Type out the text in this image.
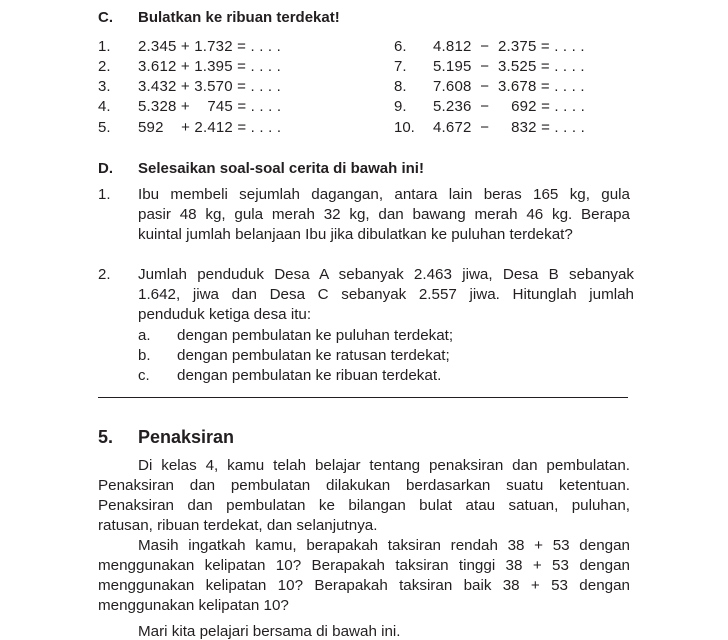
C. Bulatkan ke ribuan terdekat!
1. 2.345 + 1.732 = . . . .
2. 3.612 + 1.395 = . . . .
3. 3.432 + 3.570 = . . . .
4. 5.328 +    745 = . . . .
5. 592    + 2.412 = . . . .
6. 4.812  −  2.375 = . . . .
7. 5.195  −  3.525 = . . . .
8. 7.608  −  3.678 = . . . .
9. 5.236  −     692 = . . . .
10. 4.672  −     832 = . . . .
D. Selesaikan soal-soal cerita di bawah ini!
1. Ibu membeli sejumlah dagangan, antara lain beras 165 kg, gula
pasir 48 kg, gula merah 32 kg, dan bawang merah 46 kg. Berapa
kuintal jumlah belanjaan Ibu jika dibulatkan ke puluhan terdekat?
2. Jumlah penduduk Desa A sebanyak 2.463 jiwa, Desa B sebanyak
1.642, jiwa dan Desa C sebanyak 2.557 jiwa. Hitunglah jumlah
penduduk ketiga desa itu:
a. dengan pembulatan ke puluhan terdekat;
b. dengan pembulatan ke ratusan terdekat;
c. dengan pembulatan ke ribuan terdekat.
5. Penaksiran
Di kelas 4, kamu telah belajar tentang penaksiran dan pembulatan.
Penaksiran dan pembulatan dilakukan berdasarkan suatu ketentuan.
Penaksiran dan pembulatan ke bilangan bulat atau satuan, puluhan,
ratusan, ribuan terdekat, dan selanjutnya.
Masih ingatkah kamu, berapakah taksiran rendah 38 + 53 dengan
menggunakan kelipatan 10? Berapakah taksiran tinggi 38 + 53 dengan
menggunakan kelipatan 10? Berapakah taksiran baik 38 + 53 dengan
menggunakan kelipatan 10?
Mari kita pelajari bersama di bawah ini.
